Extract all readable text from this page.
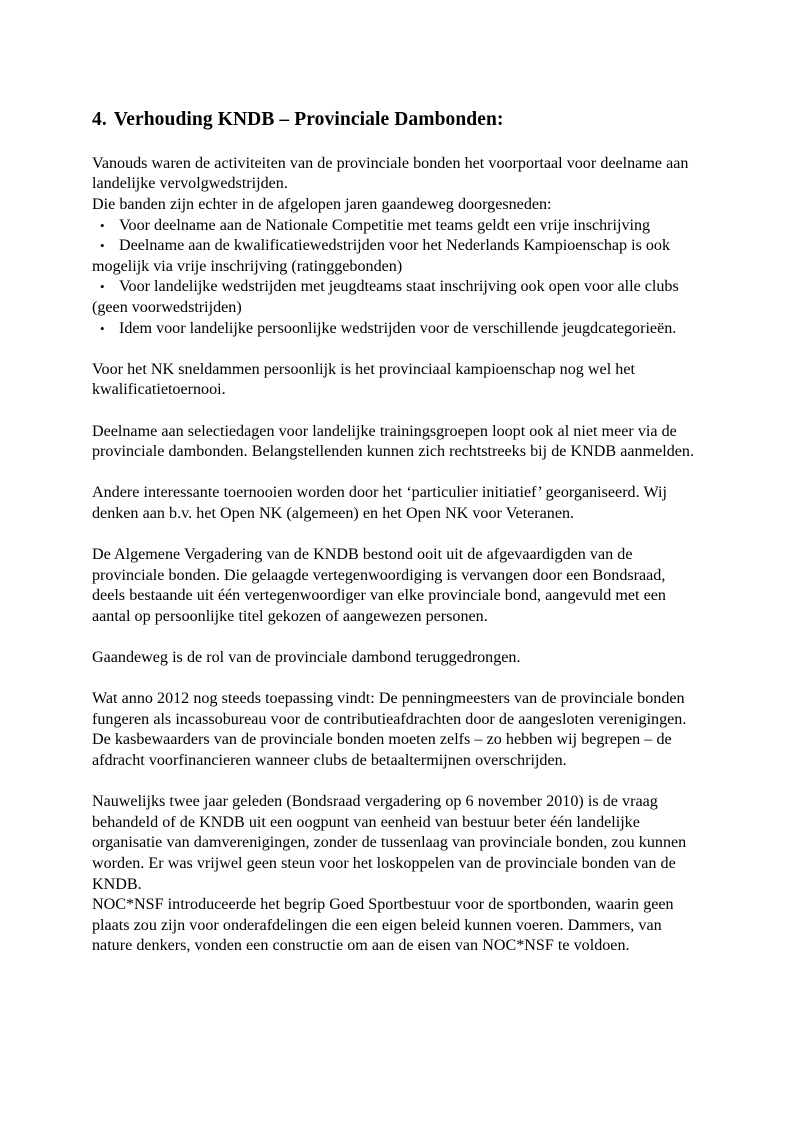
4. Verhouding KNDB – Provinciale Dambonden:

Vanouds waren de activiteiten van de provinciale bonden het voorportaal voor deelname aan
landelijke vervolgwedstrijden.
Die banden zijn echter in de afgelopen jaren gaandeweg doorgesneden:

• Voor deelname aan de Nationale Competitie met teams geldt een vrije inschrijving
• Deelname aan de kwalificatiewedstrijden voor het Nederlands Kampioenschap is ook
mogelijk via vrije inschrijving (ratinggebonden)
• Voor landelijke wedstrijden met jeugdteams staat inschrijving ook open voor alle clubs
(geen voorwedstrijden)
• Idem voor landelijke persoonlijke wedstrijden voor de verschillende jeugdcategorieën.

Voor het NK sneldammen persoonlijk is het provinciaal kampioenschap nog wel het
kwalificatietoernooi.

Deelname aan selectiedagen voor landelijke trainingsgroepen loopt ook al niet meer via de
provinciale dambonden. Belangstellenden kunnen zich rechtstreeks bij de KNDB aanmelden.

Andere interessante toernooien worden door het ‘particulier initiatief’ georganiseerd. Wij
denken aan b.v. het Open NK (algemeen) en het Open NK voor Veteranen.

De Algemene Vergadering van de KNDB bestond ooit uit de afgevaardigden van de
provinciale bonden. Die gelaagde vertegenwoordiging is vervangen door een Bondsraad,
deels bestaande uit één vertegenwoordiger van elke provinciale bond, aangevuld met een
aantal op persoonlijke titel gekozen of aangewezen personen.

Gaandeweg is de rol van de provinciale dambond teruggedrongen.

Wat anno 2012 nog steeds toepassing vindt: De penningmeesters van de provinciale bonden
fungeren als incassobureau voor de contributieafdrachten door de aangesloten verenigingen.
De kasbewaarders van de provinciale bonden moeten zelfs – zo hebben wij begrepen – de
afdracht voorfinancieren wanneer clubs de betaaltermijnen overschrijden.

Nauwelijks twee jaar geleden (Bondsraad vergadering op 6 november 2010) is de vraag
behandeld of de KNDB uit een oogpunt van eenheid van bestuur beter één landelijke
organisatie van damverenigingen, zonder de tussenlaag van provinciale bonden, zou kunnen
worden. Er was vrijwel geen steun voor het loskoppelen van de provinciale bonden van de
KNDB.
NOC*NSF introduceerde het begrip Goed Sportbestuur voor de sportbonden, waarin geen
plaats zou zijn voor onderafdelingen die een eigen beleid kunnen voeren. Dammers, van
nature denkers, vonden een constructie om aan de eisen van NOC*NSF te voldoen.
